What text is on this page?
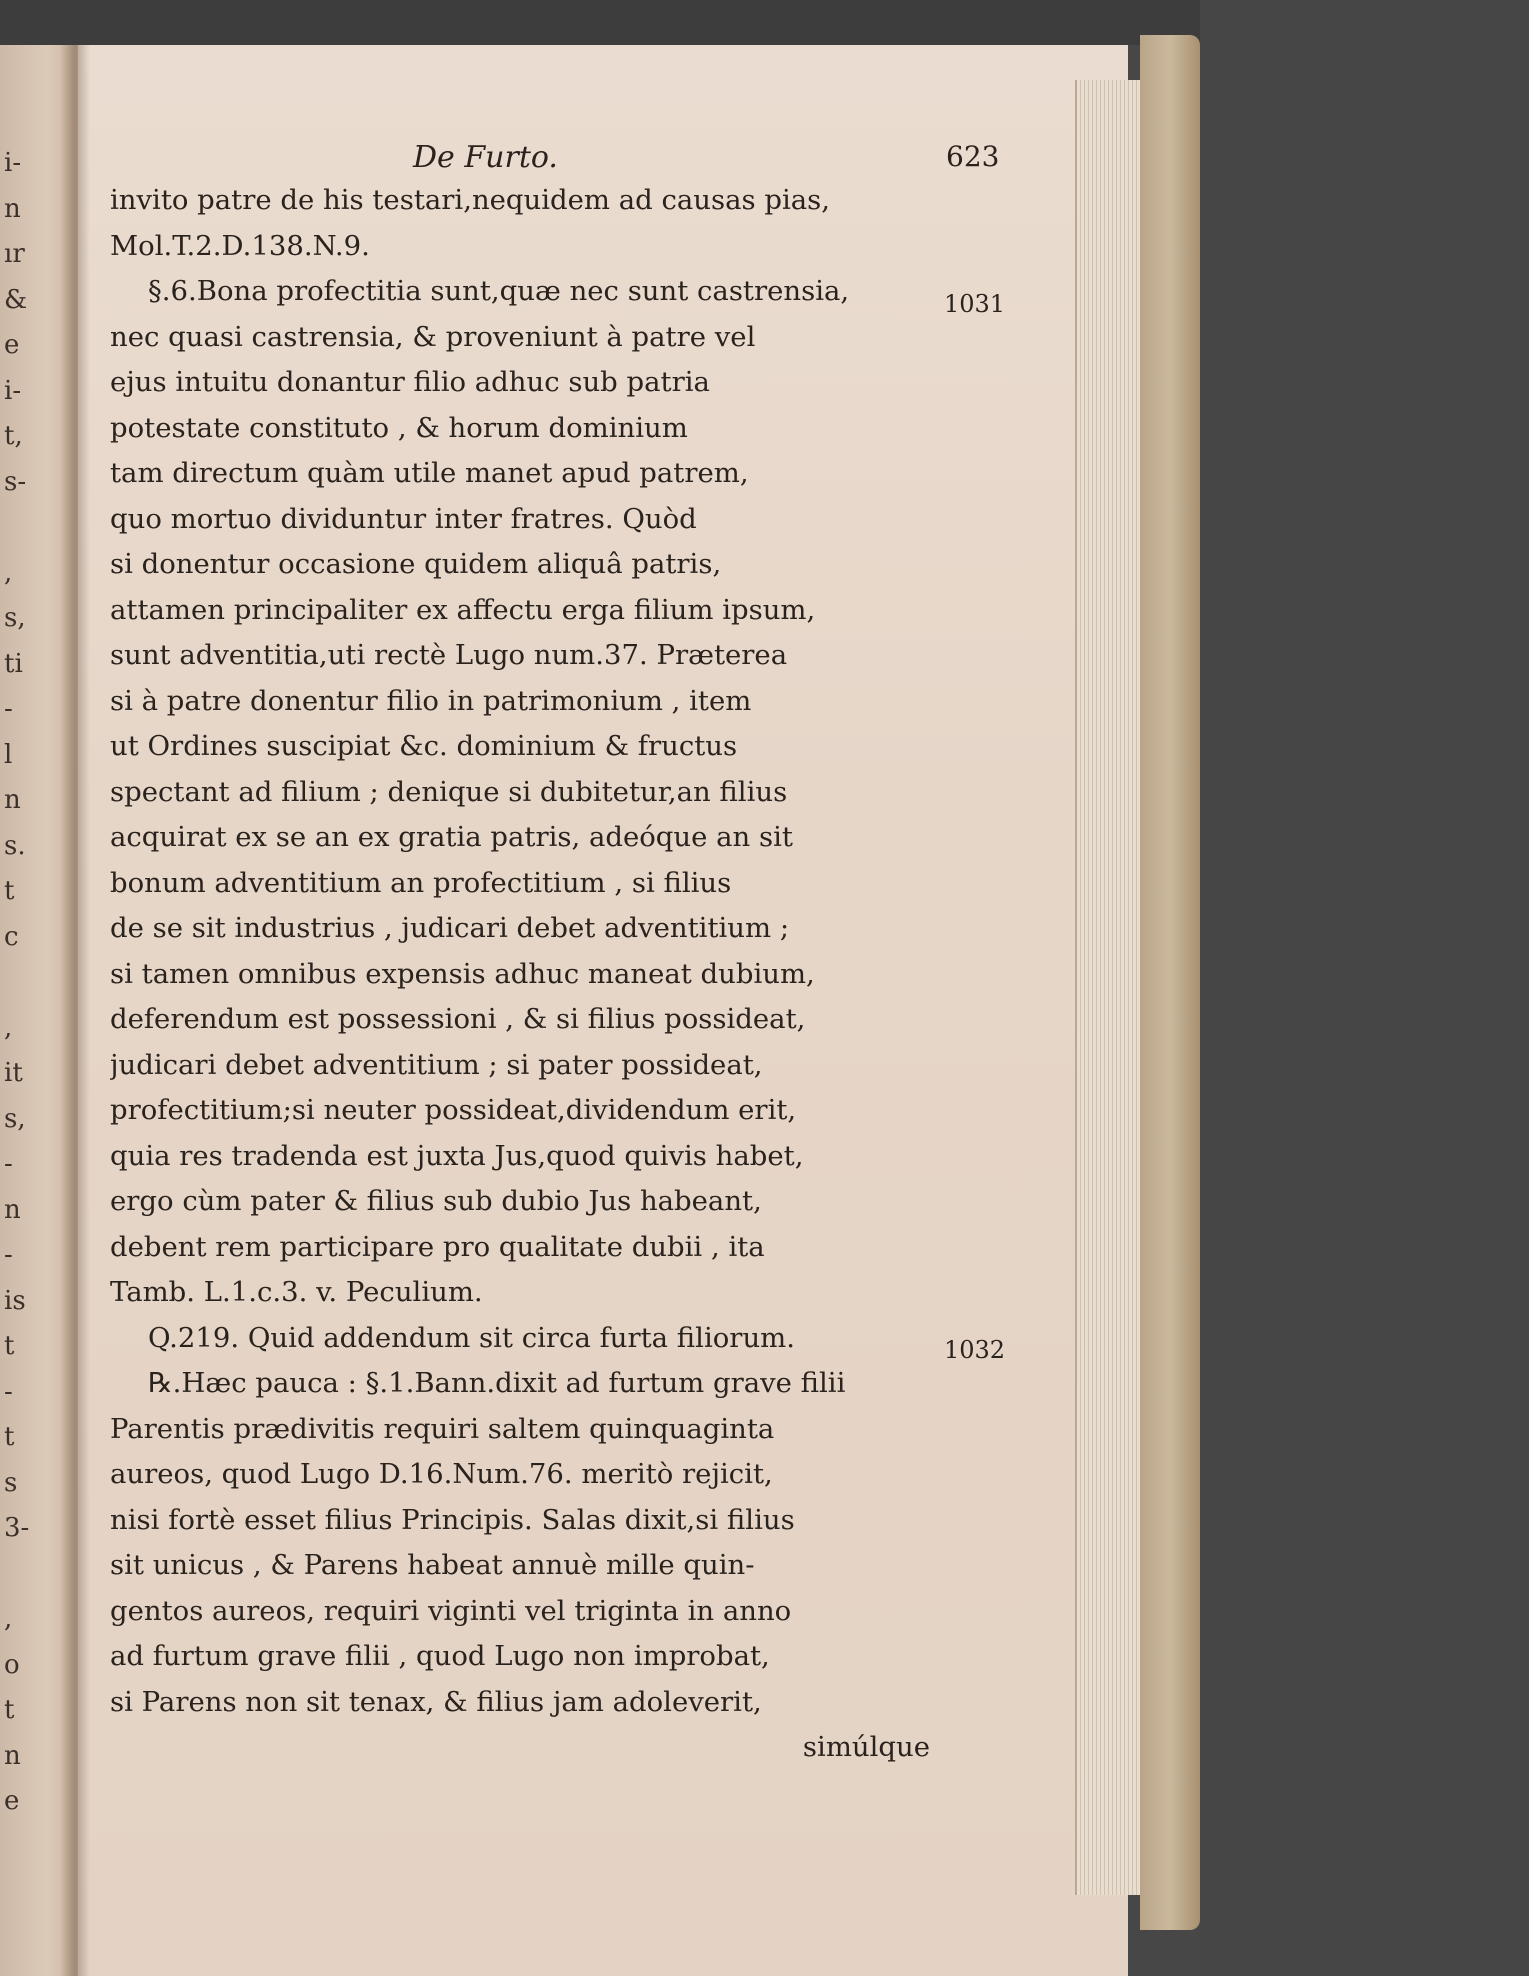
i-
n
ır
&
e
i-
t,
s-
,
s,
ti
-
l
n
s.
t
c
,
it
s,
-
n
-
is
t
-
t
s
3-
,
o
t
n
e
De Furto.	623
invito patre de his testari,nequidem ad causas pias,
Mol.T.2.D.138.N.9.
§.6.Bona profectitia sunt,quæ nec sunt castrensia,
nec quasi castrensia, & proveniunt à patre vel
ejus intuitu donantur filio adhuc sub patria
potestate constituto , & horum dominium
tam directum quàm utile manet apud patrem,
quo mortuo dividuntur inter fratres. Quòd
si donentur occasione quidem aliquâ patris,
attamen principaliter ex affectu erga filium ipsum,
sunt adventitia,uti rectè Lugo num.37. Præterea
si à patre donentur filio in patrimonium , item
ut Ordines suscipiat &c. dominium & fructus
spectant ad filium ; denique si dubitetur,an filius
acquirat ex se an ex gratia patris, adeóque an sit
bonum adventitium an profectitium , si filius
de se sit industrius , judicari debet adventitium ;
si tamen omnibus expensis adhuc maneat dubium,
deferendum est possessioni , & si filius possideat,
judicari debet adventitium ; si pater possideat,
profectitium;si neuter possideat,dividendum erit,
quia res tradenda est juxta Jus,quod quivis habet,
ergo cùm pater & filius sub dubio Jus habeant,
debent rem participare pro qualitate dubii , ita
Tamb. L.1.c.3. v. Peculium.
Q.219. Quid addendum sit circa furta filiorum.
℞.Hæc pauca : §.1.Bann.dixit ad furtum grave filii
Parentis prædivitis requiri saltem quinquaginta
aureos, quod Lugo D.16.Num.76. meritò rejicit,
nisi fortè esset filius Principis. Salas dixit,si filius
sit unicus , & Parens habeat annuè mille quin-
gentos aureos, requiri viginti vel triginta in anno
ad furtum grave filii , quod Lugo non improbat,
si Parens non sit tenax, & filius jam adoleverit,
simúlque
1031
1032
